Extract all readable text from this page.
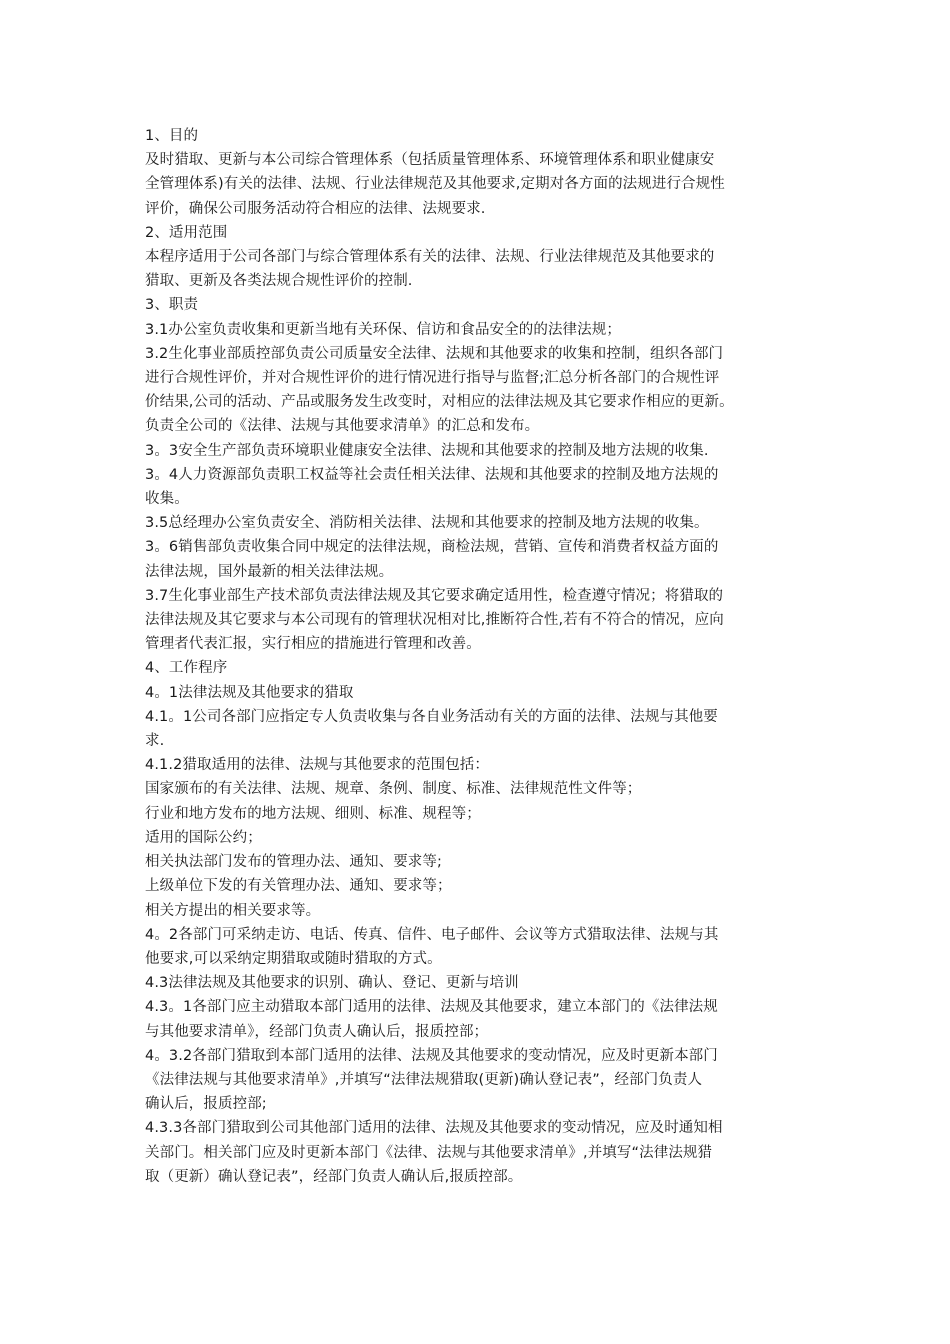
1、目的
及时猎取、更新与本公司综合管理体系（包括质量管理体系、环境管理体系和职业健康安
全管理体系)有关的法律、法规、行业法律规范及其他要求,定期对各方面的法规进行合规性
评价，确保公司服务活动符合相应的法律、法规要求.
2、适用范围
本程序适用于公司各部门与综合管理体系有关的法律、法规、行业法律规范及其他要求的
猎取、更新及各类法规合规性评价的控制.
3、职责
3.1办公室负责收集和更新当地有关环保、信访和食品安全的的法律法规；
3.2生化事业部质控部负责公司质量安全法律、法规和其他要求的收集和控制，组织各部门
进行合规性评价，并对合规性评价的进行情况进行指导与监督;汇总分析各部门的合规性评
价结果,公司的活动、产品或服务发生改变时，对相应的法律法规及其它要求作相应的更新。
负责全公司的《法律、法规与其他要求清单》的汇总和发布。
3。3安全生产部负责环境职业健康安全法律、法规和其他要求的控制及地方法规的收集.
3。4人力资源部负责职工权益等社会责任相关法律、法规和其他要求的控制及地方法规的
收集。
3.5总经理办公室负责安全、消防相关法律、法规和其他要求的控制及地方法规的收集。
3。6销售部负责收集合同中规定的法律法规，商检法规，营销、宣传和消费者权益方面的
法律法规，国外最新的相关法律法规。
3.7生化事业部生产技术部负责法律法规及其它要求确定适用性，检查遵守情况；将猎取的
法律法规及其它要求与本公司现有的管理状况相对比,推断符合性,若有不符合的情况，应向
管理者代表汇报，实行相应的措施进行管理和改善。
4、工作程序
4。1法律法规及其他要求的猎取
4.1。1公司各部门应指定专人负责收集与各自业务活动有关的方面的法律、法规与其他要
求.
4.1.2猎取适用的法律、法规与其他要求的范围包括：
国家颁布的有关法律、法规、规章、条例、制度、标准、法律规范性文件等；
行业和地方发布的地方法规、细则、标准、规程等；
适用的国际公约；
相关执法部门发布的管理办法、通知、要求等;
上级单位下发的有关管理办法、通知、要求等；
相关方提出的相关要求等。
4。2各部门可采纳走访、电话、传真、信件、电子邮件、会议等方式猎取法律、法规与其
他要求,可以采纳定期猎取或随时猎取的方式。
4.3法律法规及其他要求的识别、确认、登记、更新与培训
4.3。1各部门应主动猎取本部门适用的法律、法规及其他要求，建立本部门的《法律法规
与其他要求清单》，经部门负责人确认后，报质控部；
4。3.2各部门猎取到本部门适用的法律、法规及其他要求的变动情况，应及时更新本部门
《法律法规与其他要求清单》,并填写“法律法规猎取(更新)确认登记表”，经部门负责人
确认后，报质控部;
4.3.3各部门猎取到公司其他部门适用的法律、法规及其他要求的变动情况，应及时通知相
关部门。相关部门应及时更新本部门《法律、法规与其他要求清单》,并填写“法律法规猎
取（更新）确认登记表”，经部门负责人确认后,报质控部。
